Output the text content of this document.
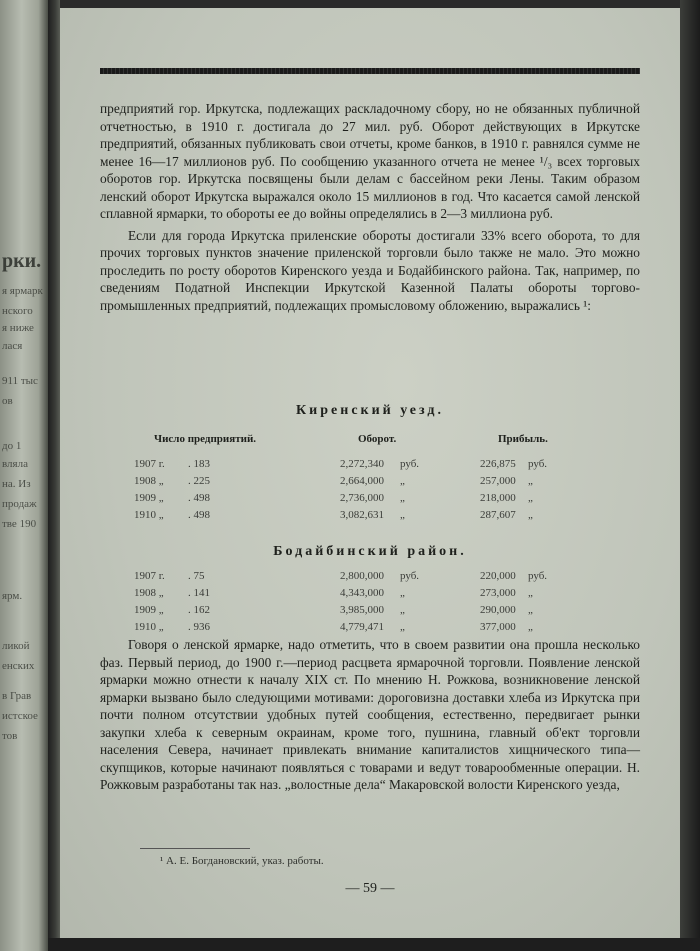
рки.
я ярмарк
нского
я ниже
лася
911 тыс
ов
до 1
вляла
на. Из
продаж
тве 190
ярм.
ликой
енских
в Грав
истское
тов

предприятий гор. Иркутска, подлежащих раскладочному сбору, но не обязанных публичной отчетностью, в 1910 г. достигала до 27 мил. руб. Оборот действующих в Иркутске предприятий, обязанных публиковать свои отчеты, кроме банков, в 1910 г. равнялся сумме не менее 16—17 миллионов руб. По сообщению указанного отчета не менее ¹/₃ всех торговых оборотов гор. Иркутска посвящены были делам с бассейном реки Лены. Таким образом ленский оборот Иркутска выражался около 15 миллионов в год. Что касается самой ленской сплавной ярмарки, то обороты ее до войны определялись в 2—3 миллиона руб.

Если для города Иркутска приленские обороты достигали 33% всего оборота, то для прочих торговых пунктов значение приленской торговли было также не мало. Это можно проследить по росту оборотов Киренского уезда и Бодайбинского района. Так, например, по сведениям Податной Инспекции Иркутской Казенной Палаты обороты торгово-промышленных предприятий, подлежащих промысловому обложению, выражались ¹:

Киренский уезд.
Число предприятий.	Оборот.	Прибыль.
1907 г. . 183	2,272,340 руб.	226,875 руб.
1908 „ . 225	2,664,000 „	257,000 „
1909 „ . 498	2,736,000 „	218,000 „
1910 „ . 498	3,082,631 „	287,607 „
Бодайбинский район.
1907 г. . 75	2,800,000 руб.	220,000 руб.
1908 „ . 141	4,343,000 „	273,000 „
1909 „ . 162	3,985,000 „	290,000 „
1910 „ . 936	4,779,471 „	377,000 „
Говоря о ленской ярмарке, надо отметить, что в своем развитии она прошла несколько фаз. Первый период, до 1900 г.—период расцвета ярмарочной торговли. Появление ленской ярмарки можно отнести к началу XIX ст. По мнению Н. Рожкова, возникновение ленской ярмарки вызвано было следующими мотивами: дороговизна доставки хлеба из Иркутска при почти полном отсутствии удобных путей сообщения, естественно, передвигает рынки закупки хлеба к северным окраинам, кроме того, пушнина, главный об'ект торговли населения Севера, начинает привлекать внимание капиталистов хищнического типа—скупщиков, которые начинают появляться с товарами и ведут товарообменные операции. Н. Рожковым разработаны так наз. „волостные дела“ Макаровской волости Киренского уезда,
¹ А. Е. Богдановский, указ. работы.
— 59 —
